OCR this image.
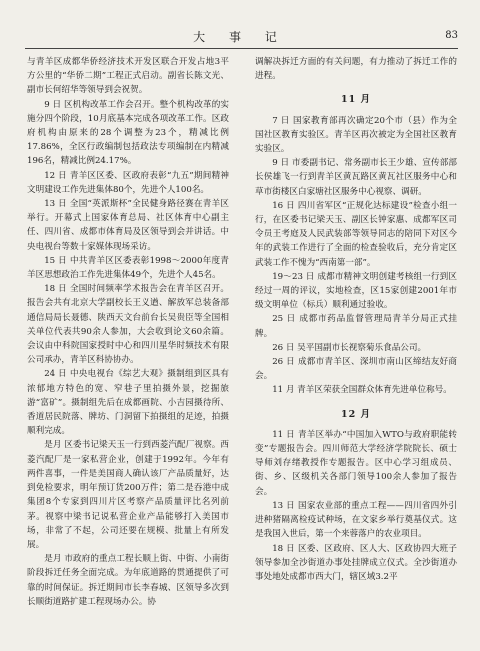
大 事 记	83

与青羊区成都华侨经济技术开发区联合开发占地3平方公里的“华侨二期”工程正式启动。副省长陈文光、副市长何绍华等领导到会祝贺。

9 日 区机构改革工作会召开。整个机构改革的实施分四个阶段，10月底基本完成各项改革工作。区政府机构由原来的28个调整为23个，精减比例17.86%，全区行政编制包括政法专项编制在内精减196名，精减比例24.17%。

12 日 青羊区区委、区政府表彰“九五”期间精神文明建设工作先进集体80个，先进个人100名。

13 日 全国“英派斯杯”全民健身路径赛在青羊区举行。开幕式上国家体育总局、社区体育中心副主任、四川省、成都市体育局及区领导到会并讲话。中央电视台等数十家媒体现场采访。

15 日 中共青羊区区委表彰1998～2000年度青羊区思想政治工作先进集体49个，先进个人45名。

18 日 全国时间频率学术报告会在青羊区召开。报告会共有北京大学副校长王义遒、解放军总装备部通信局局长聂德、陕西天文台前台长吴贵臣等全国相关单位代表共90余人参加，大会收到论文60余篇。会议由中科院国家授时中心和四川星华时频技术有限公司承办，青羊区科协协办。

24 日 中央电视台《综艺大观》摄制组到区具有浓郁地方特色的宽、窄巷子里拍摄外景，挖掘旅游“富矿”。摄制组先后在成都画院、小吉园摄待所、香道居民院落、牌坊、门洞留下拍摄组的足迹，拍摄顺利完成。

是月 区委书记梁天玉一行到西菱汽配厂视察。西菱汽配厂是一家私营企业，创建于1992年。今年有两件喜事，一件是美国商人确认该厂产品质量好，达到免检要求，明年预订货200万件；第二是吞港中成集团8个专家到四川片区考察产品质量评比名列前茅。视察中梁书记说私营企业产品能够打入美国市场，非常了不起，公司还要在规模、批量上有所发展。

是月 市政府的重点工程长顺上街、中街、小南街阶段拆迁任务全面完成。为年底道路的贯通提供了可靠的时间保证。拆迁期间市长李春城、区领导多次到长顺街道路扩建工程现场办公。协

调解决拆迁方面的有关问题，有力推动了拆迁工作的进程。

11 月

7 日 国家教育部再次确定20个市（县）作为全国社区教育实验区。青羊区再次被定为全国社区教育实验区。

9 日 市委副书记、常务副市长王少雄、宣传部部长侯雄飞一行到青羊区黄瓦路区黄瓦社区服务中心和草市街楼区白家塘社区服务中心视察、调研。

16 日 四川省军区“正规化达标建设”检查小组一行，在区委书记梁天玉、副区长钟家惠、成都军区司令员王考庭及人民武装部等领导同志的陪同下对区今年的武装工作进行了全面的检查验收后，充分肯定区武装工作不愧为“西南第一部”。

19～23 日 成都市精神文明创建考核组一行到区经过一周的评议，实地检查，区15家创建2001年市级文明单位（标兵）顺利通过验收。

25 日 成都市药品监督管理局青羊分局正式挂牌。

26 日 吴平国副市长视察菊乐食品公司。

26 日 成都市青羊区、深圳市南山区缔结友好商会。

11 月 青羊区荣获全国群众体育先进单位称号。

12 月

11 日 青羊区举办“中国加入WTO与政府职能转变”专题报告会。四川师范大学经济学院院长、硕士导师刘存绪教授作专题报告。区中心学习组成员、街、乡、区级机关各部门领导100余人参加了报告会。

13 日 国家农业部的重点工程——四川省四外引进种猪隔离检疫试种场，在文家乡举行奠基仪式。这是我国入世后，第一个来蓉落户的农业项目。

18 日 区委、区政府、区人大、区政协四大班子领导参加全沙街道办事处挂牌成立仪式。全沙街道办事处地处成都市西大门，辖区域3.2平
